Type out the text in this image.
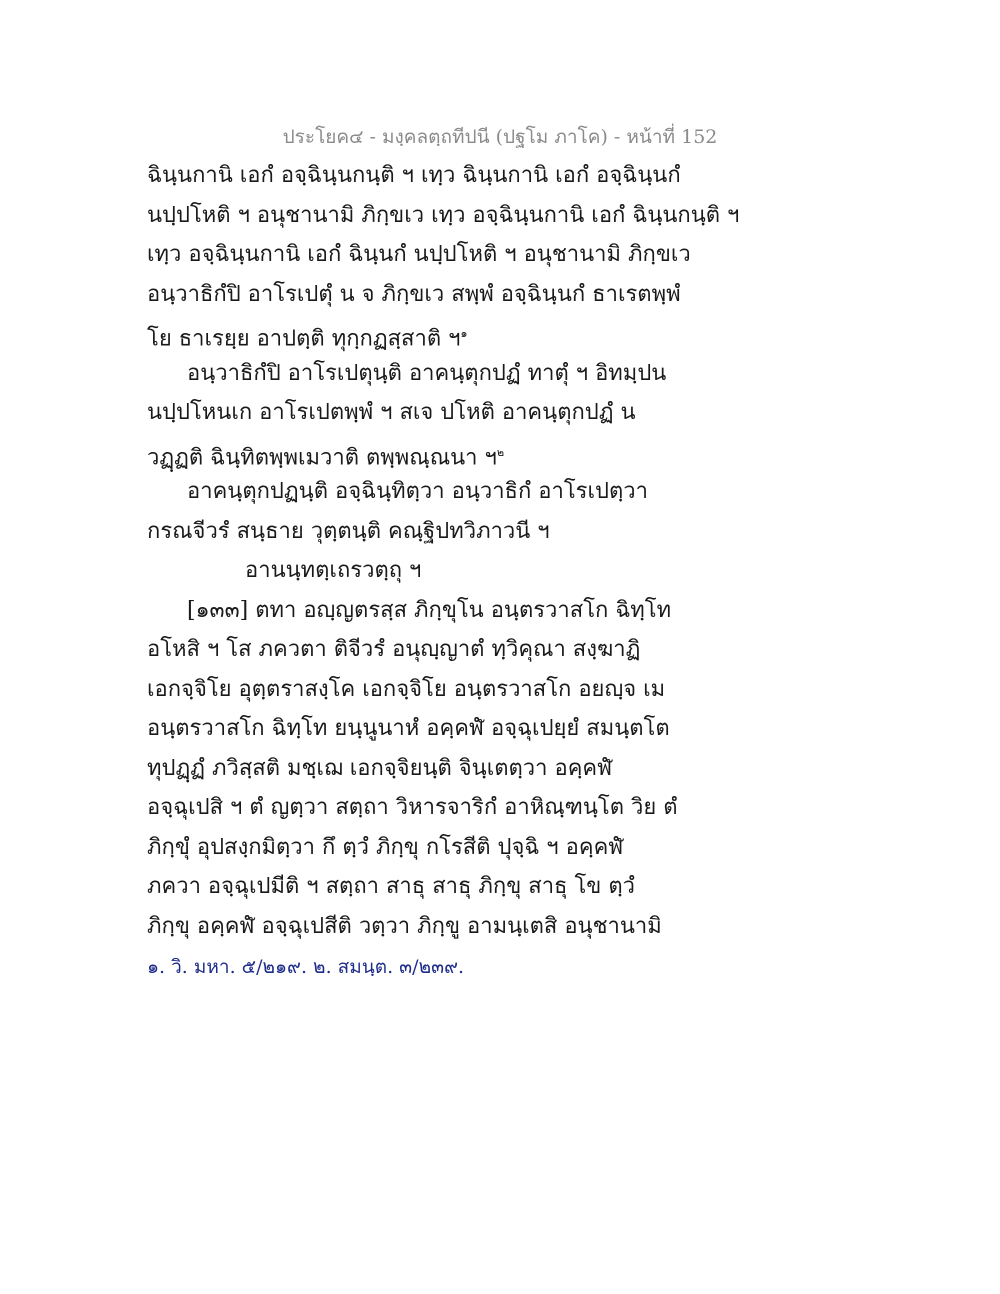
ประโยค๔ - มงฺคลตฺถทีปนี (ปฐโม ภาโค) - หน้าที่ 152
ฉินฺนกานิ เอกํ อจฺฉินฺนกนฺติ ฯ เทฺว ฉินฺนกานิ เอกํ อจฺฉินฺนกํ
นปฺปโหติ ฯ อนุชานามิ ภิกฺขเว เทฺว อจฺฉินฺนกานิ เอกํ ฉินฺนกนฺติ ฯ
เทฺว อจฺฉินฺนกานิ เอกํ ฉินฺนกํ นปฺปโหติ ฯ อนุชานามิ ภิกฺขเว
อนฺวาธิกํปิ อาโรเปตุํ น จ ภิกฺขเว สพฺพํ อจฺฉินฺนกํ ธาเรตพฺพํ
โย ธาเรยฺย อาปตฺติ ทุกฺกฏสฺสาติ ฯ$^๑$
อนฺวาธิกํปิ อาโรเปตุนฺติ อาคนฺตุกปฏํ ทาตุํ ฯ อิทมฺปน
นปฺปโหนเก อาโรเปตพฺพํ ฯ สเจ ปโหติ อาคนฺตุกปฏํ น
วฏฺฏติ ฉินฺทิตพฺพเมวาติ ตพฺพณฺณนา ฯ$^๒$
อาคนฺตุกปฏนฺติ อจฺฉินฺทิตฺวา อนฺวาธิกํ อาโรเปตฺวา
กรณจีวรํ สนฺธาย วุตฺตนฺติ คณฺฐิปทวิภาวนี ฯ
อานนฺทตฺเถรวตฺถุ ฯ
[๑๓๓] ตทา อญฺญตรสฺส ภิกฺขุโน อนฺตรวาสโก ฉิทฺโท
อโหสิ ฯ โส ภควตา ติจีวรํ อนุญฺญาตํ ทฺวิคุณา สงฺฆาฏิ
เอกจฺจิโย อุตฺตราสงฺโค เอกจฺจิโย อนฺตรวาสโก อยญฺจ เม
อนฺตรวาสโก ฉิทฺโท ยนฺนูนาหํ อคฺคฬํ อจฺฉุเปยฺยํ สมนฺตโต
ทุปฏฺฏํ ภวิสฺสติ มชฺเฌ เอกจฺจิยนฺติ จินฺเตตฺวา อคฺคฬํ
อจฺฉุเปสิ ฯ ตํ ญตฺวา สตฺถา วิหารจาริกํ อาหิณฺฑนฺโต วิย ตํ
ภิกฺขุํ อุปสงฺกมิตฺวา กึ ตฺวํ ภิกฺขุ กโรสีติ ปุจฺฉิ ฯ อคฺคฬํ
ภควา อจฺฉุเปมีติ ฯ สตฺถา สาธุ สาธุ ภิกฺขุ สาธุ โข ตฺวํ
ภิกฺขุ อคฺคฬํ อจฺฉุเปสีติ วตฺวา ภิกฺขู อามนฺเตสิ อนุชานามิ
๑. วิ. มหา. ๕/๒๑๙. ๒. สมนฺต. ๓/๒๓๙.
